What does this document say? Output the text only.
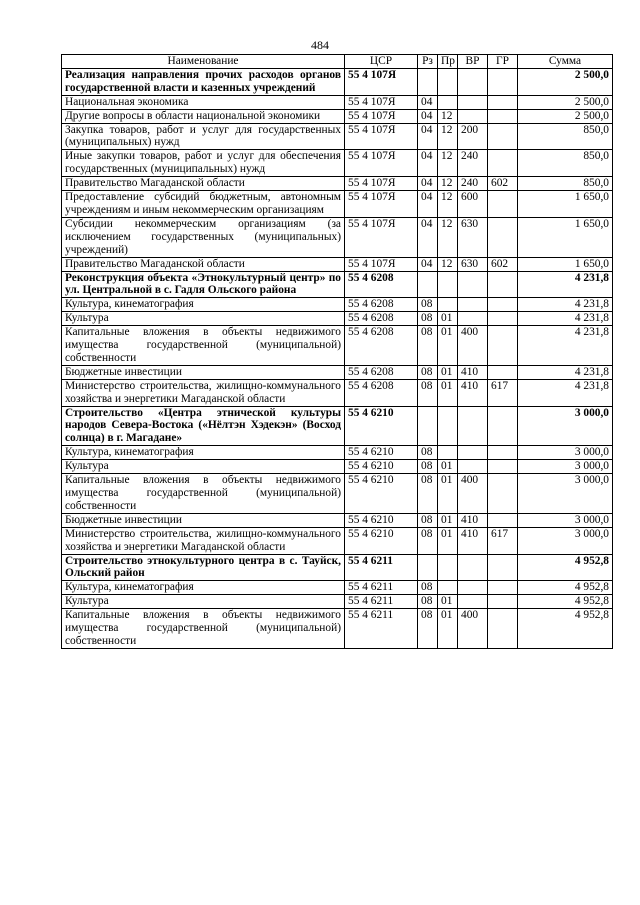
484
Наименование	ЦСР	Рз	Пр	ВР	ГР	Сумма
Реализация направления прочих расходов органов государственной власти и казенных учреждений	55 4 107Я					2 500,0
Национальная экономика	55 4 107Я	04				2 500,0
Другие вопросы в области национальной экономики	55 4 107Я	04	12			2 500,0
Закупка товаров, работ и услуг для государственных (муниципальных) нужд	55 4 107Я	04	12	200		850,0
Иные закупки товаров, работ и услуг для обеспечения государственных (муниципальных) нужд	55 4 107Я	04	12	240		850,0
Правительство Магаданской области	55 4 107Я	04	12	240	602	850,0
Предоставление субсидий бюджетным, автономным учреждениям и иным некоммерческим организациям	55 4 107Я	04	12	600		1 650,0
Субсидии некоммерческим организациям (за исключением государственных (муниципальных) учреждений)	55 4 107Я	04	12	630		1 650,0
Правительство Магаданской области	55 4 107Я	04	12	630	602	1 650,0
Реконструкция объекта «Этнокультурный центр» по ул. Центральной в с. Гадля Ольского района	55 4 6208					4 231,8
Культура, кинематография	55 4 6208	08				4 231,8
Культура	55 4 6208	08	01			4 231,8
Капитальные вложения в объекты недвижимого имущества государственной (муниципальной) собственности	55 4 6208	08	01	400		4 231,8
Бюджетные инвестиции	55 4 6208	08	01	410		4 231,8
Министерство строительства, жилищно-коммунального хозяйства и энергетики Магаданской области	55 4 6208	08	01	410	617	4 231,8
Строительство «Центра этнической культуры народов Севера-Востока («Нёлтэн Хэдекэн» (Восход солнца) в г. Магадане»	55 4 6210					3 000,0
Культура, кинематография	55 4 6210	08				3 000,0
Культура	55 4 6210	08	01			3 000,0
Капитальные вложения в объекты недвижимого имущества государственной (муниципальной) собственности	55 4 6210	08	01	400		3 000,0
Бюджетные инвестиции	55 4 6210	08	01	410		3 000,0
Министерство строительства, жилищно-коммунального хозяйства и энергетики Магаданской области	55 4 6210	08	01	410	617	3 000,0
Строительство этнокультурного центра в с. Тауйск, Ольский район	55 4 6211					4 952,8
Культура, кинематография	55 4 6211	08				4 952,8
Культура	55 4 6211	08	01			4 952,8
Капитальные вложения в объекты недвижимого имущества государственной (муниципальной) собственности	55 4 6211	08	01	400		4 952,8
